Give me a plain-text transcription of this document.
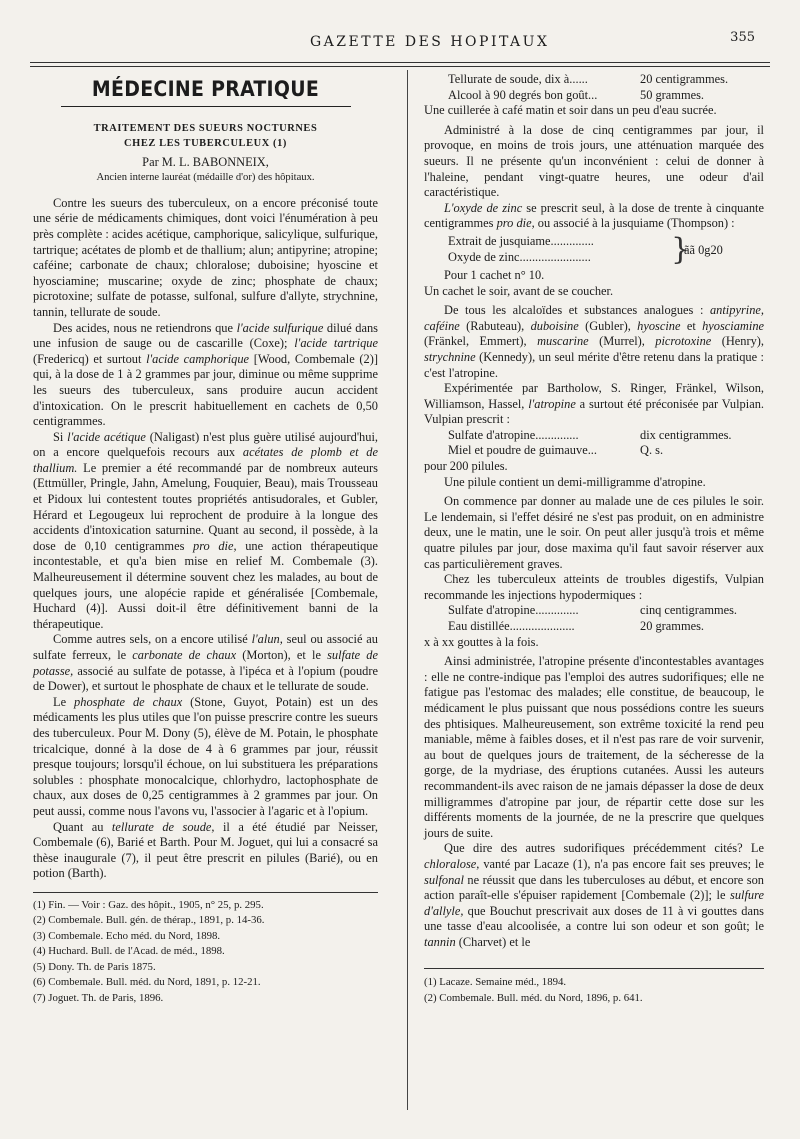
GAZETTE DES HOPITAUX	355
MÉDECINE PRATIQUE
TRAITEMENT DES SUEURS NOCTURNES
CHEZ LES TUBERCULEUX (1)
Par M. L. BABONNEIX,
Ancien interne lauréat (médaille d'or) des hôpitaux.

Contre les sueurs des tuberculeux, on a encore préconisé toute une série de médicaments chimiques, dont voici l'énumération à peu près complète : acides acétique, camphorique, salicylique, sulfurique, tartrique; acétates de plomb et de thallium; alun; antipyrine; atropine; caféine; carbonate de chaux; chloralose; duboisine; hyoscine et hyosciamine; muscarine; oxyde de zinc; phosphate de chaux; picrotoxine; sulfate de potasse, sulfonal, sulfure d'allyte, strychnine, tannin, tellurate de soude.

Des acides, nous ne retiendrons que l'acide sulfurique dilué dans une infusion de sauge ou de cascarille (Coxe); l'acide tartrique (Fredericq) et surtout l'acide camphorique [Wood, Combemale (2)] qui, à la dose de 1 à 2 grammes par jour, diminue ou même supprime les sueurs des tuberculeux, sans produire aucun accident d'intoxication. On le prescrit habituellement en cachets de 0,50 centigrammes.

Si l'acide acétique (Naligast) n'est plus guère utilisé aujourd'hui, on a encore quelquefois recours aux acétates de plomb et de thallium. Le premier a été recommandé par de nombreux auteurs (Ettmüller, Pringle, Jahn, Amelung, Fouquier, Beau), mais Trousseau et Pidoux lui contestent toutes propriétés antisudorales, et Gubler, Hérard et Legougeux lui reprochent de produire à la longue des accidents d'intoxication saturnine. Quant au second, il possède, à la dose de 0,10 centigrammes pro die, une action thérapeutique incontestable, et qu'a bien mise en relief M. Combemale (3). Malheureusement il détermine souvent chez les malades, au bout de quelques jours, une alopécie rapide et généralisée [Combemale, Huchard (4)]. Aussi doit-il être définitivement banni de la thérapeutique.

Comme autres sels, on a encore utilisé l'alun, seul ou associé au sulfate ferreux, le carbonate de chaux (Morton), et le sulfate de potasse, associé au sulfate de potasse, à l'ipéca et à l'opium (poudre de Dower), et surtout le phosphate de chaux et le tellurate de soude.

Le phosphate de chaux (Stone, Guyot, Potain) est un des médicaments les plus utiles que l'on puisse prescrire contre les sueurs des tuberculeux. Pour M. Dony (5), élève de M. Potain, le phosphate tricalcique, donné à la dose de 4 à 6 grammes par jour, réussit presque toujours; lorsqu'il échoue, on lui substituera les préparations solubles : phosphate monocalcique, chlorhydro, lactophosphate de chaux, aux doses de 0,25 centigrammes à 2 grammes par jour. On peut aussi, comme nous l'avons vu, l'associer à l'agaric et à l'opium.

Quant au tellurate de soude, il a été étudié par Neisser, Combemale (6), Barié et Barth. Pour M. Joguet, qui lui a consacré sa thèse inaugurale (7), il peut être prescrit en pilules (Barié), ou en potion (Barth).

(1) Fin. — Voir : Gaz. des hôpit., 1905, n° 25, p. 295.

(2) Combemale. Bull. gén. de thérap., 1891, p. 14-36.

(3) Combemale. Echo méd. du Nord, 1898.

(4) Huchard. Bull. de l'Acad. de méd., 1898.

(5) Dony. Th. de Paris 1875.

(6) Combemale. Bull. méd. du Nord, 1891, p. 12-21.

(7) Joguet. Th. de Paris, 1896.

Tellurate de soude, dix à......	20 centigrammes.
Alcool à 90 degrés bon goût...	50 grammes.

Une cuillerée à café matin et soir dans un peu d'eau sucrée.

Administré à la dose de cinq centigrammes par jour, il provoque, en moins de trois jours, une atténuation marquée des sueurs. Il ne présente qu'un inconvénient : celui de donner à l'haleine, pendant vingt-quatre heures, une odeur d'ail caractéristique.

L'oxyde de zinc se prescrit seul, à la dose de trente à cinquante centigrammes pro die, ou associé à la jusquiame (Thompson) :

Extrait de jusquiame..............
Oxyde de zinc.......................	}
ãã 0g20

Pour 1 cachet n° 10.

Un cachet le soir, avant de se coucher.

De tous les alcaloïdes et substances analogues : antipyrine, caféine (Rabuteau), duboisine (Gubler), hyoscine et hyosciamine (Fränkel, Emmert), muscarine (Murrel), picrotoxine (Henry), strychnine (Kennedy), un seul mérite d'être retenu dans la pratique : c'est l'atropine.

Expérimentée par Bartholow, S. Ringer, Fränkel, Wilson, Williamson, Hassel, l'atropine a surtout été préconisée par Vulpian. Vulpian prescrit :

Sulfate d'atropine..............	dix centigrammes.
Miel et poudre de guimauve...	Q. s.

pour 200 pilules.

Une pilule contient un demi-milligramme d'atropine.

On commence par donner au malade une de ces pilules le soir. Le lendemain, si l'effet désiré ne s'est pas produit, on en administre deux, une le matin, une le soir. On peut aller jusqu'à trois et même quatre pilules par jour, dose maxima qu'il faut savoir réserver aux cas particulièrement graves.

Chez les tuberculeux atteints de troubles digestifs, Vulpian recommande les injections hypodermiques :

Sulfate d'atropine..............	cinq centigrammes.
Eau distillée.....................	20 grammes.

x à xx gouttes à la fois.

Ainsi administrée, l'atropine présente d'incontestables avantages : elle ne contre-indique pas l'emploi des autres sudorifiques; elle ne fatigue pas l'estomac des malades; elle constitue, de beaucoup, le médicament le plus puissant que nous possédions contre les sueurs des phtisiques. Malheureusement, son extrême toxicité la rend peu maniable, même à faibles doses, et il n'est pas rare de voir survenir, au bout de quelques jours de traitement, de la sécheresse de la gorge, de la mydriase, des éruptions cutanées. Aussi les auteurs recommandent-ils avec raison de ne jamais dépasser la dose de deux milligrammes d'atropine par jour, de répartir cette dose sur les différents moments de la journée, de ne la prescrire que quelques jours de suite.

Que dire des autres sudorifiques précédemment cités? Le chloralose, vanté par Lacaze (1), n'a pas encore fait ses preuves; le sulfonal ne réussit que dans les tuberculoses au début, et encore son action paraît-elle s'épuiser rapidement [Combemale (2)]; le sulfure d'allyle, que Bouchut prescrivait aux doses de 11 à vi gouttes dans une tasse d'eau alcoolisée, a contre lui son odeur et son goût; le tannin (Charvet) et le

(1) Lacaze. Semaine méd., 1894.

(2) Combemale. Bull. méd. du Nord, 1896, p. 641.
